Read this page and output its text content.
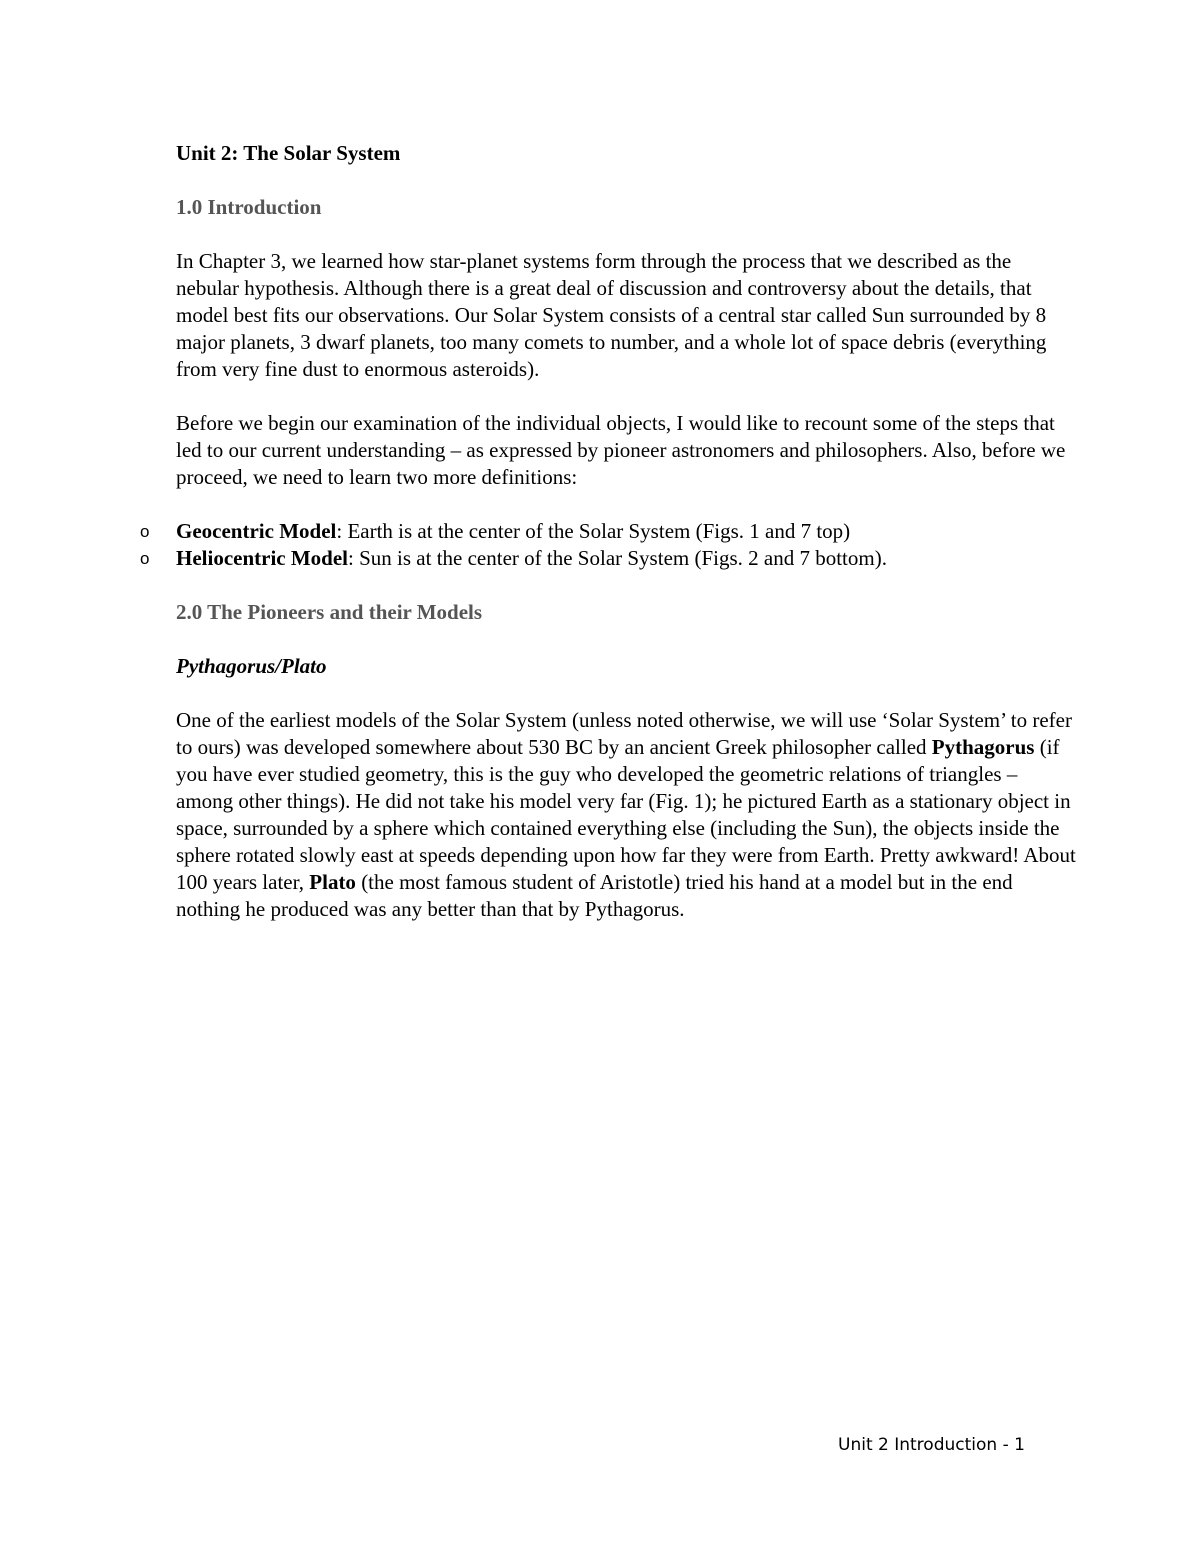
Unit 2: The Solar System
1.0 Introduction

In Chapter 3, we learned how star-planet systems form through the process that we described as the nebular hypothesis. Although there is a great deal of discussion and controversy about the details, that model best fits our observations. Our Solar System consists of a central star called Sun surrounded by 8 major planets, 3 dwarf planets, too many comets to number, and a whole lot of space debris (everything from very fine dust to enormous asteroids).

Before we begin our examination of the individual objects, I would like to recount some of the steps that led to our current understanding – as expressed by pioneer astronomers and philosophers. Also, before we proceed, we need to learn two more definitions:

o Geocentric Model: Earth is at the center of the Solar System (Figs. 1 and 7 top)
o Heliocentric Model: Sun is at the center of the Solar System (Figs. 2 and 7 bottom).
2.0 The Pioneers and their Models
Pythagorus/Plato

One of the earliest models of the Solar System (unless noted otherwise, we will use ‘Solar System’ to refer to ours) was developed somewhere about 530 BC by an ancient Greek philosopher called Pythagorus (if you have ever studied geometry, this is the guy who developed the geometric relations of triangles – among other things). He did not take his model very far (Fig. 1); he pictured Earth as a stationary object in space, surrounded by a sphere which contained everything else (including the Sun), the objects inside the sphere rotated slowly east at speeds depending upon how far they were from Earth. Pretty awkward! About 100 years later, Plato (the most famous student of Aristotle) tried his hand at a model but in the end nothing he produced was any better than that by Pythagorus.

Unit 2 Introduction - 1
